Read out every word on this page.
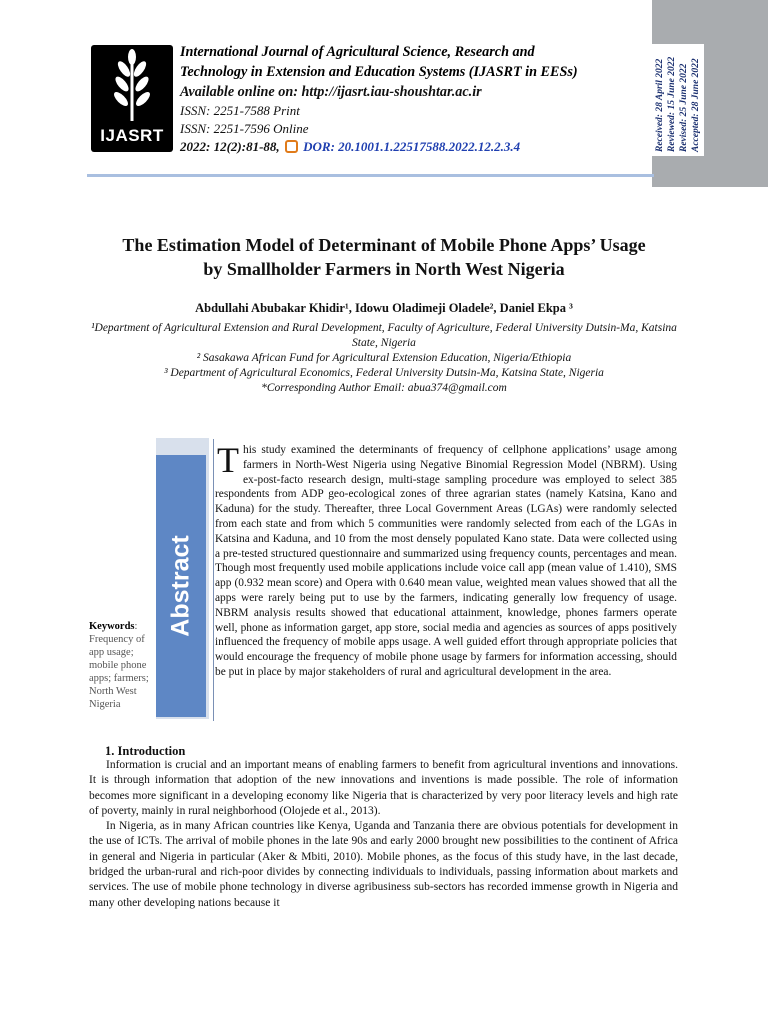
Received: 28 April 2022 Reviewed: 15 June 2022 Revised: 25 June 2022 Accepted: 28 June 2022
IJASRT
International Journal of Agricultural Science, Research and
Technology in Extension and Education Systems (IJASRT in EESs)
Available online on: http://ijasrt.iau-shoushtar.ac.ir
ISSN: 2251-7588 Print
ISSN: 2251-7596 Online
2022: 12(2):81-88, DOR: 20.1001.1.22517588.2022.12.2.3.4
The Estimation Model of Determinant of Mobile Phone Apps’ Usage
by Smallholder Farmers in North West Nigeria
Abdullahi Abubakar Khidir¹, Idowu Oladimeji Oladele², Daniel Ekpa ³
¹Department of Agricultural Extension and Rural Development, Faculty of Agriculture, Federal University Dutsin-Ma, Katsina State, Nigeria
² Sasakawa African Fund for Agricultural Extension Education, Nigeria/Ethiopia
³ Department of Agricultural Economics, Federal University Dutsin-Ma, Katsina State, Nigeria
*Corresponding Author Email: abua374@gmail.com
Abstract
Keywords: Frequency of app usage; mobile phone apps; farmers; North West Nigeria
This study examined the determinants of frequency of cellphone applications’ usage among farmers in North-West Nigeria using Negative Binomial Regression Model (NBRM). Using ex-post-facto research design, multi-stage sampling procedure was employed to select 385 respondents from ADP geo-ecological zones of three agrarian states (namely Katsina, Kano and Kaduna) for the study. Thereafter, three Local Government Areas (LGAs) were randomly selected from each state and from which 5 communities were randomly selected from each of the LGAs in Katsina and Kaduna, and 10 from the most densely populated Kano state. Data were collected using a pre-tested structured questionnaire and summarized using frequency counts, percentages and mean. Though most frequently used mobile applications include voice call app (mean value of 1.410), SMS app (0.932 mean score) and Opera with 0.640 mean value, weighted mean values showed that all the apps were rarely being put to use by the farmers, indicating generally low frequency of usage. NBRM analysis results showed that educational attainment, knowledge, phones farmers operate well, phone as information garget, app store, social media and agencies as sources of apps positively influenced the frequency of mobile apps usage. A well guided effort through appropriate policies that would encourage the frequency of mobile phone usage by farmers for information accessing, should be put in place by major stakeholders of rural and agricultural development in the area.
1. Introduction

Information is crucial and an important means of enabling farmers to benefit from agricultural inventions and innovations. It is through information that adoption of the new innovations and inventions is made possible. The role of information becomes more significant in a developing economy like Nigeria that is characterized by very poor literacy levels and high rate of poverty, mainly in rural neighborhood (Olojede et al., 2013).

In Nigeria, as in many African countries like Kenya, Uganda and Tanzania there are obvious potentials for development in the use of ICTs. The arrival of mobile phones in the late 90s and early 2000 brought new possibilities to the continent of Africa in general and Nigeria in particular (Aker & Mbiti, 2010). Mobile phones, as the focus of this study have, in the last decade, bridged the urban-rural and rich-poor divides by connecting individuals to individuals, passing information about markets and services. The use of mobile phone technology in diverse agribusiness sub-sectors has recorded immense growth in Nigeria and many other developing nations because it
